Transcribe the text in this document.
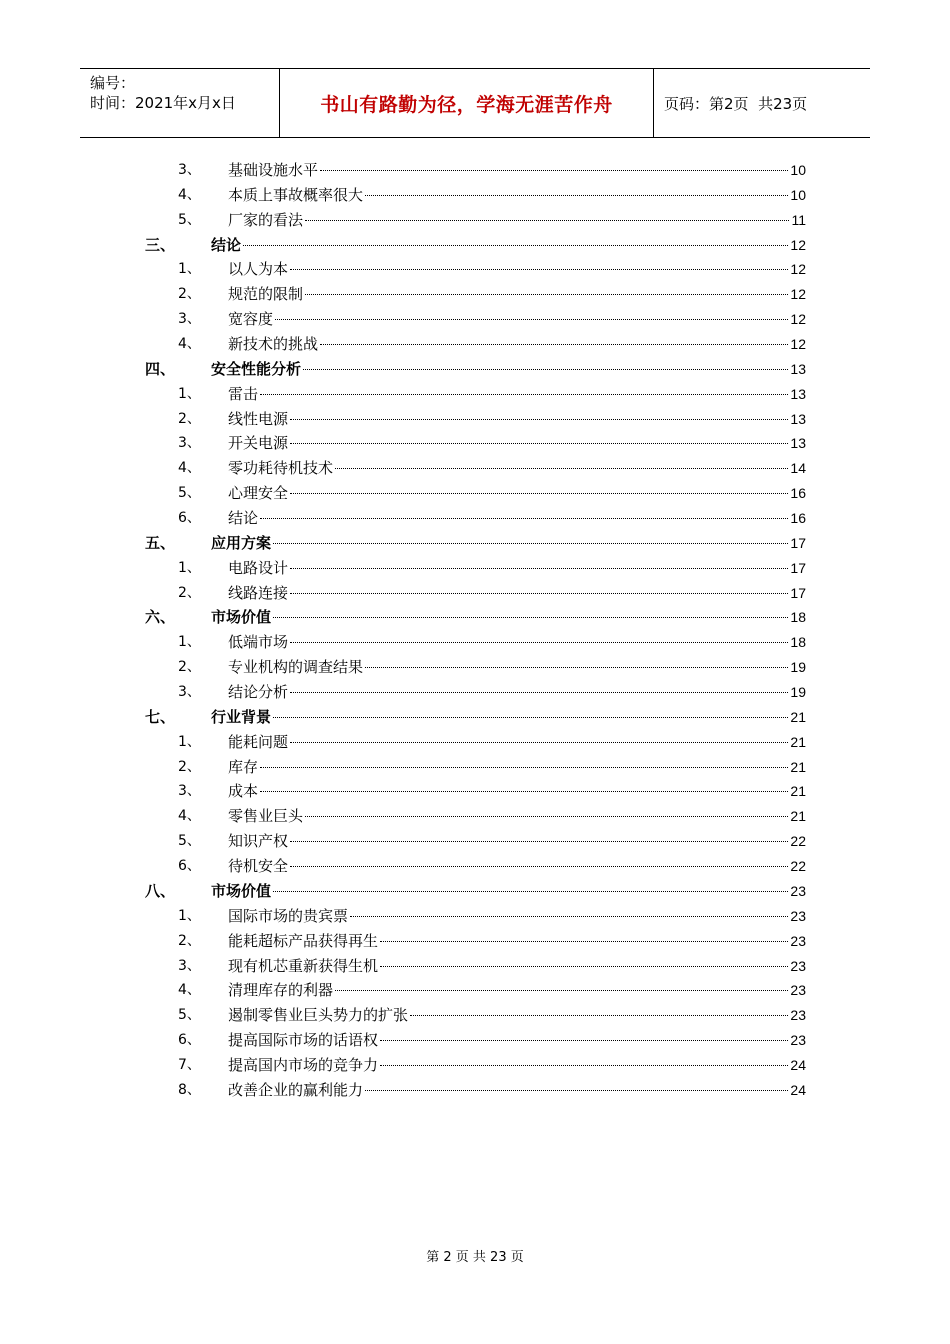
编号：
时间：2021年x月x日	书山有路勤为径，学海无涯苦作舟	页码：第2页  共23页
3、	基础设施水平	10
4、	本质上事故概率很大	10
5、	厂家的看法	11
三、	结论	12
1、	以人为本	12
2、	规范的限制	12
3、	宽容度	12
4、	新技术的挑战	12
四、	安全性能分析	13
1、	雷击	13
2、	线性电源	13
3、	开关电源	13
4、	零功耗待机技术	14
5、	心理安全	16
6、	结论	16
五、	应用方案	17
1、	电路设计	17
2、	线路连接	17
六、	市场价值	18
1、	低端市场	18
2、	专业机构的调查结果	19
3、	结论分析	19
七、	行业背景	21
1、	能耗问题	21
2、	库存	21
3、	成本	21
4、	零售业巨头	21
5、	知识产权	22
6、	待机安全	22
八、	市场价值	23
1、	国际市场的贵宾票	23
2、	能耗超标产品获得再生	23
3、	现有机芯重新获得生机	23
4、	清理库存的利器	23
5、	遏制零售业巨头势力的扩张	23
6、	提高国际市场的话语权	23
7、	提高国内市场的竞争力	24
8、	改善企业的赢利能力	24
第 2 页 共 23 页
